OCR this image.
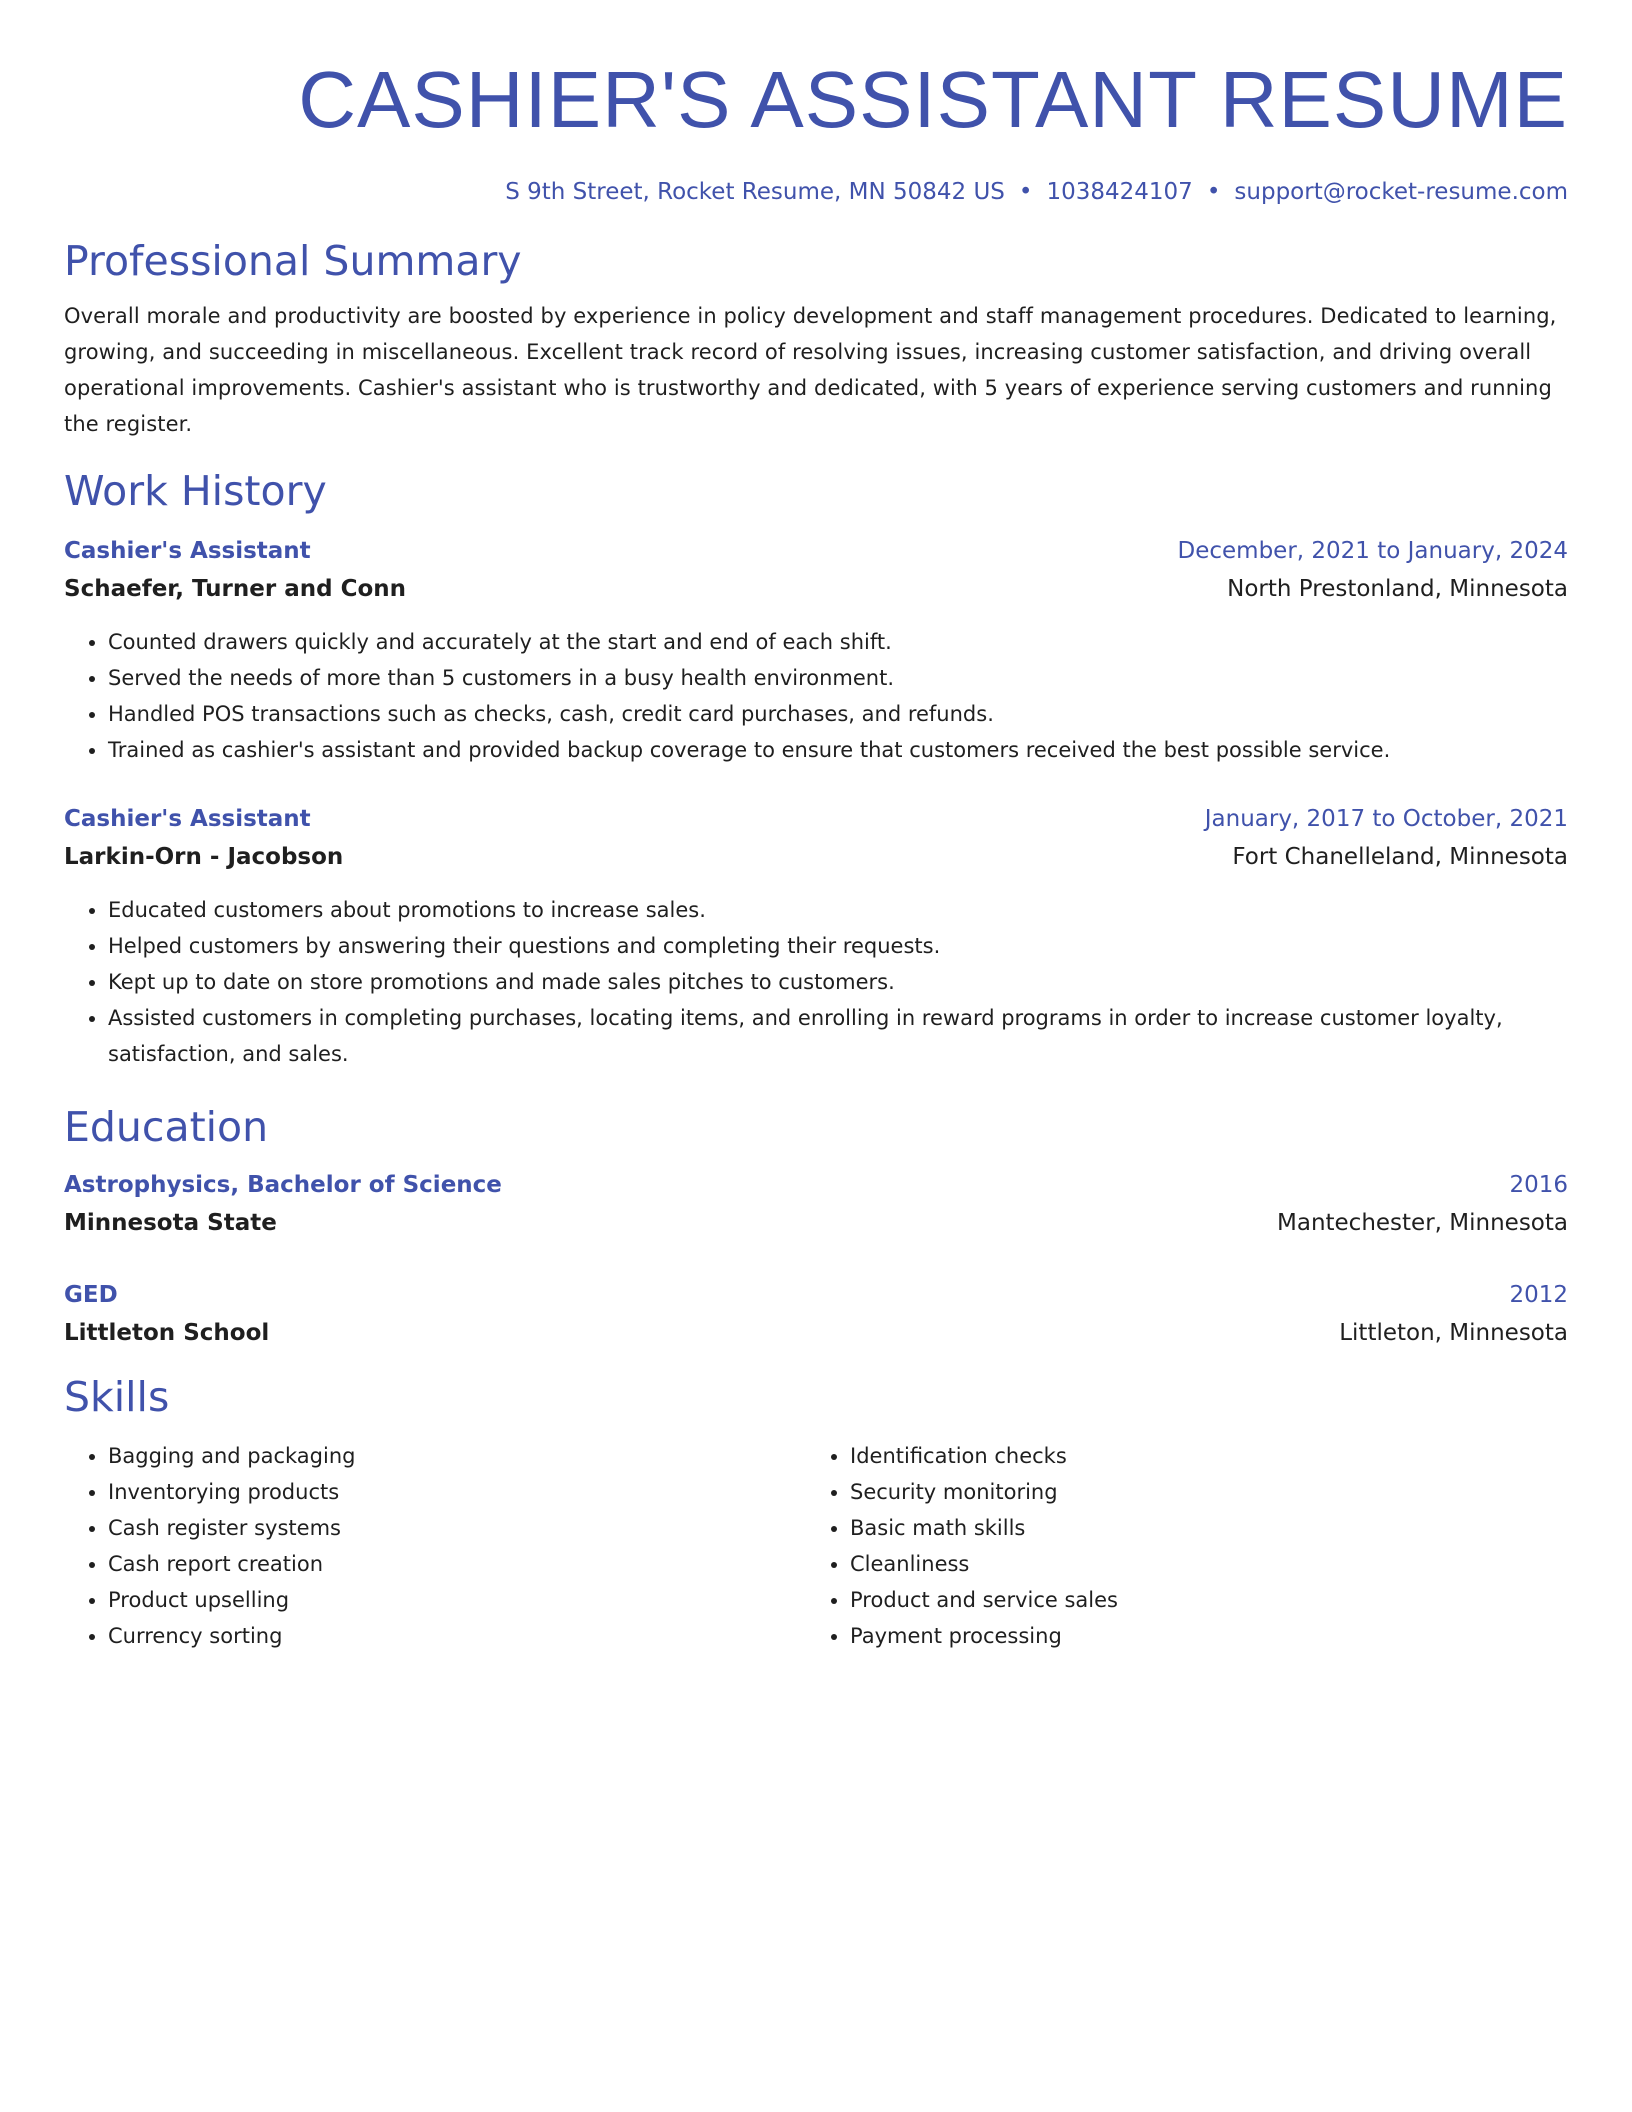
CASHIER'S ASSISTANT RESUME
S 9th Street, Rocket Resume, MN 50842 US • 1038424107 • support@rocket-resume.com
Professional Summary

Overall morale and productivity are boosted by experience in policy development and staff management procedures. Dedicated to learning, growing, and succeeding in miscellaneous. Excellent track record of resolving issues, increasing customer satisfaction, and driving overall operational improvements. Cashier's assistant who is trustworthy and dedicated, with 5 years of experience serving customers and running the register.

Work History
Cashier's Assistant	December, 2021 to January, 2024
Schaefer, Turner and Conn	North Prestonland, Minnesota
• Counted drawers quickly and accurately at the start and end of each shift.
• Served the needs of more than 5 customers in a busy health environment.
• Handled POS transactions such as checks, cash, credit card purchases, and refunds.
• Trained as cashier's assistant and provided backup coverage to ensure that customers received the best possible service.
Cashier's Assistant	January, 2017 to October, 2021
Larkin-Orn - Jacobson	Fort Chanelleland, Minnesota
• Educated customers about promotions to increase sales.
• Helped customers by answering their questions and completing their requests.
• Kept up to date on store promotions and made sales pitches to customers.
• Assisted customers in completing purchases, locating items, and enrolling in reward programs in order to increase customer loyalty, satisfaction, and sales.
Education
Astrophysics, Bachelor of Science	2016
Minnesota State	Mantechester, Minnesota
GED	2012
Littleton School	Littleton, Minnesota
Skills
• Bagging and packaging
• Inventorying products
• Cash register systems
• Cash report creation
• Product upselling
• Currency sorting
• Identification checks
• Security monitoring
• Basic math skills
• Cleanliness
• Product and service sales
• Payment processing
